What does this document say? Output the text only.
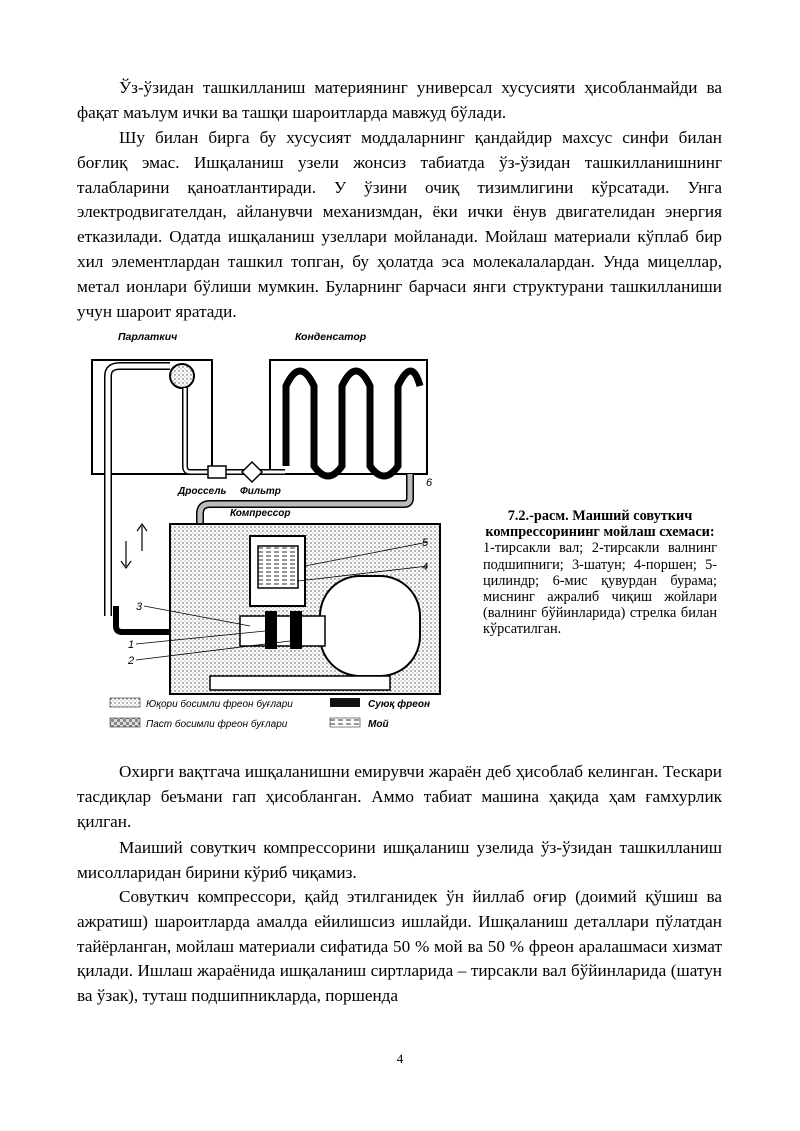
Ўз-ўзидан ташкилланиш материянинг универсал хусусияти ҳисобланмайди ва фақат маълум ички ва ташқи шароитларда мавжуд бўлади.

Шу билан бирга бу хусусият моддаларнинг қандайдир махсус синфи билан боғлиқ эмас. Ишқаланиш узели жонсиз табиатда ўз-ўзидан ташкилланишнинг талабларини қаноатлантиради. У ўзини очиқ тизимлигини кўрсатади. Унга электродвигателдан, айланувчи механизмдан, ёки ички ёнув двигателидан энергия етказилади. Одатда ишқаланиш узеллари мойланади. Мойлаш материали кўплаб бир хил элементлардан ташкил топган, бу ҳолатда эса молекалалардан. Унда мицеллар, метал ионлари бўлиши мумкин. Буларнинг барчаси янги структурани ташкилланиши учун шароит яратади.

Парлаткич	Конденсатор
Дроссель Фильтр
Компрессор
5
4
6
3
1
2
Юқори босимли фреон буғлари
Паст босимли фреон буғлари
Суюқ фреон
Мой
7.2.-расм. Маиший совуткич компрессорининг мойлаш схемаси:
1-тирсакли вал; 2-тирсакли валнинг подшипниги; 3-шатун; 4-поршен; 5-цилиндр; 6-мис қувурдан бурама; миснинг ажралиб чиқиш жойлари (валнинг бўйинларида) стрелка билан кўрсатилган.

Охирги вақтгача ишқаланишни емирувчи жараён деб ҳисоблаб келинган. Тескари тасдиқлар беъмани гап ҳисобланган. Аммо табиат машина ҳақида ҳам ғамхурлик қилган.

Маиший совуткич компрессорини ишқаланиш узелида ўз-ўзидан ташкилланиш мисолларидан бирини кўриб чиқамиз.

Совуткич компрессори, қайд этилганидек ўн йиллаб оғир (доимий қўшиш ва ажратиш) шароитларда амалда ейилишсиз ишлайди. Ишқаланиш деталлари пўлатдан тайёрланган, мойлаш материали сифатида 50 % мой ва 50 % фреон аралашмаси хизмат қилади. Ишлаш жараёнида ишқаланиш сиртларида – тирсакли вал бўйинларида (шатун ва ўзак), туташ подшипникларда, поршенда

4
